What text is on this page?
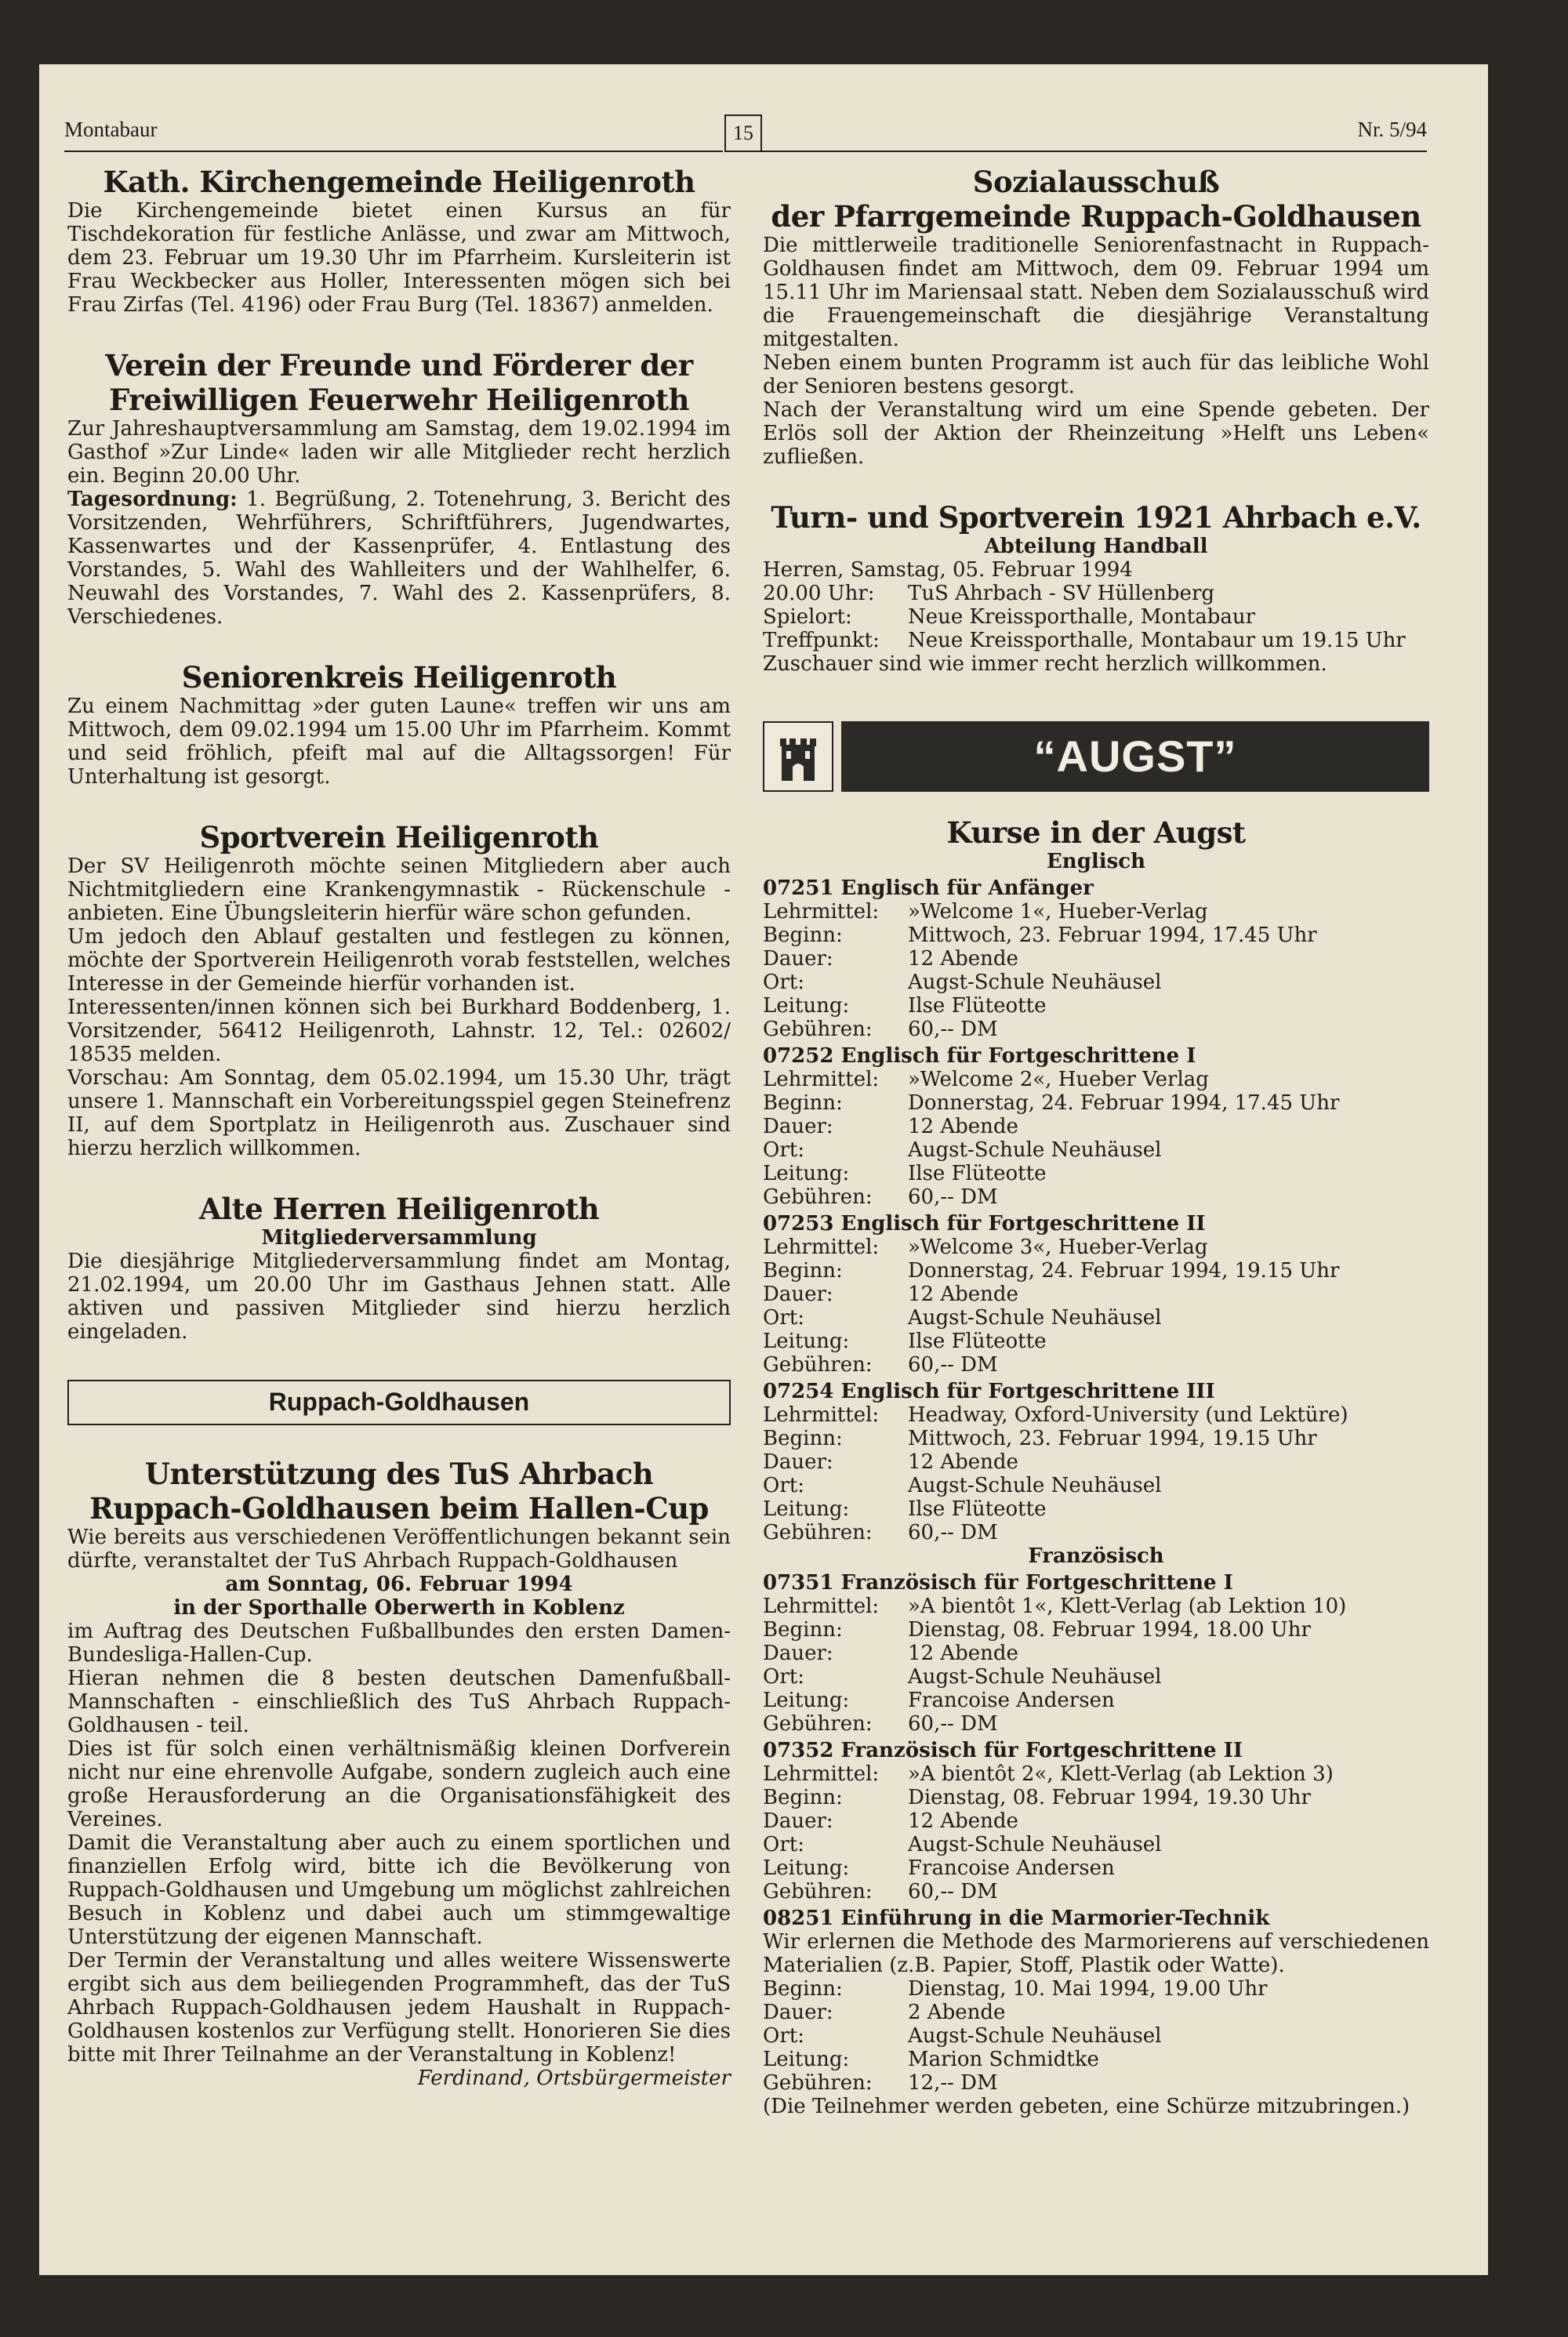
Montabaur	15	Nr. 5/94
Kath. Kirchengemeinde Heiligenroth

Die Kirchengemeinde bietet einen Kursus an für Tischdekoration für festliche Anlässe, und zwar am Mittwoch, dem 23. Februar um 19.30 Uhr im Pfarrheim. Kursleiterin ist Frau Weckbecker aus Holler, Interessenten mögen sich bei Frau Zirfas (Tel. 4196) oder Frau Burg (Tel. 18367) anmelden.

Verein der Freunde und Förderer der
Freiwilligen Feuerwehr Heiligenroth

Zur Jahreshauptversammlung am Samstag, dem 19.02.1994 im Gasthof »Zur Linde« laden wir alle Mitglieder recht herzlich ein. Beginn 20.00 Uhr.

Tagesordnung: 1. Begrüßung, 2. Totenehrung, 3. Bericht des Vorsitzenden, Wehrführers, Schriftführers, Jugendwartes, Kassenwartes und der Kassenprüfer, 4. Entlastung des Vorstandes, 5. Wahl des Wahlleiters und der Wahlhelfer, 6. Neuwahl des Vorstandes, 7. Wahl des 2. Kassenprüfers, 8. Verschiedenes.

Seniorenkreis Heiligenroth

Zu einem Nachmittag »der guten Laune« treffen wir uns am Mittwoch, dem 09.02.1994 um 15.00 Uhr im Pfarrheim. Kommt und seid fröhlich, pfeift mal auf die Alltagssorgen! Für Unterhaltung ist gesorgt.

Sportverein Heiligenroth

Der SV Heiligenroth möchte seinen Mitgliedern aber auch Nichtmitgliedern eine Krankengymnastik - Rückenschule - anbieten. Eine Übungsleiterin hierfür wäre schon gefunden.

Um jedoch den Ablauf gestalten und festlegen zu können, möchte der Sportverein Heiligenroth vorab feststellen, welches Interesse in der Gemeinde hierfür vorhanden ist.

Interessenten/innen können sich bei Burkhard Boddenberg, 1. Vorsitzender, 56412 Heiligenroth, Lahnstr. 12, Tel.: 02602/ 18535 melden.

Vorschau: Am Sonntag, dem 05.02.1994, um 15.30 Uhr, trägt unsere 1. Mannschaft ein Vorbereitungsspiel gegen Steinefrenz II, auf dem Sportplatz in Heiligenroth aus. Zuschauer sind hierzu herzlich willkommen.

Alte Herren Heiligenroth
Mitgliederversammlung

Die diesjährige Mitgliederversammlung findet am Montag, 21.02.1994, um 20.00 Uhr im Gasthaus Jehnen statt. Alle aktiven und passiven Mitglieder sind hierzu herzlich eingeladen.

Ruppach-Goldhausen
Unterstützung des TuS Ahrbach
Ruppach-Goldhausen beim Hallen-Cup

Wie bereits aus verschiedenen Veröffentlichungen bekannt sein dürfte, veranstaltet der TuS Ahrbach Ruppach-Goldhausen

am Sonntag, 06. Februar 1994
in der Sporthalle Oberwerth in Koblenz

im Auftrag des Deutschen Fußballbundes den ersten Damen-Bundesliga-Hallen-Cup.

Hieran nehmen die 8 besten deutschen Damenfußball-Mannschaften - einschließlich des TuS Ahrbach Ruppach-Goldhausen - teil.

Dies ist für solch einen verhältnismäßig kleinen Dorfverein nicht nur eine ehrenvolle Aufgabe, sondern zugleich auch eine große Herausforderung an die Organisationsfähigkeit des Vereines.

Damit die Veranstaltung aber auch zu einem sportlichen und finanziellen Erfolg wird, bitte ich die Bevölkerung von Ruppach-Goldhausen und Umgebung um möglichst zahlreichen Besuch in Koblenz und dabei auch um stimmgewaltige Unterstützung der eigenen Mannschaft.

Der Termin der Veranstaltung und alles weitere Wissenswerte ergibt sich aus dem beiliegenden Programmheft, das der TuS Ahrbach Ruppach-Goldhausen jedem Haushalt in Ruppach-Goldhausen kostenlos zur Verfügung stellt. Honorieren Sie dies bitte mit Ihrer Teilnahme an der Veranstaltung in Koblenz!

Ferdinand, Ortsbürgermeister
Sozialausschuß
der Pfarrgemeinde Ruppach-Goldhausen

Die mittlerweile traditionelle Seniorenfastnacht in Ruppach-Goldhausen findet am Mittwoch, dem 09. Februar 1994 um 15.11 Uhr im Mariensaal statt. Neben dem Sozialausschuß wird die Frauengemeinschaft die diesjährige Veranstaltung mitgestalten.

Neben einem bunten Programm ist auch für das leibliche Wohl der Senioren bestens gesorgt.

Nach der Veranstaltung wird um eine Spende gebeten. Der Erlös soll der Aktion der Rheinzeitung »Helft uns Leben« zufließen.

Turn- und Sportverein 1921 Ahrbach e.V.
Abteilung Handball
Herren, Samstag, 05. Februar 1994
20.00 Uhr:	TuS Ahrbach - SV Hüllenberg
Spielort:	Neue Kreissporthalle, Montabaur
Treffpunkt:	Neue Kreissporthalle, Montabaur um 19.15 Uhr
Zuschauer sind wie immer recht herzlich willkommen.
“AUGST”
Kurse in der Augst
Englisch
07251 Englisch für Anfänger
Lehrmittel:	»Welcome 1«, Hueber-Verlag
Beginn:	Mittwoch, 23. Februar 1994, 17.45 Uhr
Dauer:	12 Abende
Ort:	Augst-Schule Neuhäusel
Leitung:	Ilse Flüteotte
Gebühren:	60,-- DM
07252 Englisch für Fortgeschrittene I
Lehrmittel:	»Welcome 2«, Hueber Verlag
Beginn:	Donnerstag, 24. Februar 1994, 17.45 Uhr
Dauer:	12 Abende
Ort:	Augst-Schule Neuhäusel
Leitung:	Ilse Flüteotte
Gebühren:	60,-- DM
07253 Englisch für Fortgeschrittene II
Lehrmittel:	»Welcome 3«, Hueber-Verlag
Beginn:	Donnerstag, 24. Februar 1994, 19.15 Uhr
Dauer:	12 Abende
Ort:	Augst-Schule Neuhäusel
Leitung:	Ilse Flüteotte
Gebühren:	60,-- DM
07254 Englisch für Fortgeschrittene III
Lehrmittel:	Headway, Oxford-University (und Lektüre)
Beginn:	Mittwoch, 23. Februar 1994, 19.15 Uhr
Dauer:	12 Abende
Ort:	Augst-Schule Neuhäusel
Leitung:	Ilse Flüteotte
Gebühren:	60,-- DM
Französisch
07351 Französisch für Fortgeschrittene I
Lehrmittel:	»A bientôt 1«, Klett-Verlag (ab Lektion 10)
Beginn:	Dienstag, 08. Februar 1994, 18.00 Uhr
Dauer:	12 Abende
Ort:	Augst-Schule Neuhäusel
Leitung:	Francoise Andersen
Gebühren:	60,-- DM
07352 Französisch für Fortgeschrittene II
Lehrmittel:	»A bientôt 2«, Klett-Verlag (ab Lektion 3)
Beginn:	Dienstag, 08. Februar 1994, 19.30 Uhr
Dauer:	12 Abende
Ort:	Augst-Schule Neuhäusel
Leitung:	Francoise Andersen
Gebühren:	60,-- DM
08251 Einführung in die Marmorier-Technik

Wir erlernen die Methode des Marmorierens auf verschiedenen Materialien (z.B. Papier, Stoff, Plastik oder Watte).

Beginn:	Dienstag, 10. Mai 1994, 19.00 Uhr
Dauer:	2 Abende
Ort:	Augst-Schule Neuhäusel
Leitung:	Marion Schmidtke
Gebühren:	12,-- DM
(Die Teilnehmer werden gebeten, eine Schürze mitzubringen.)
